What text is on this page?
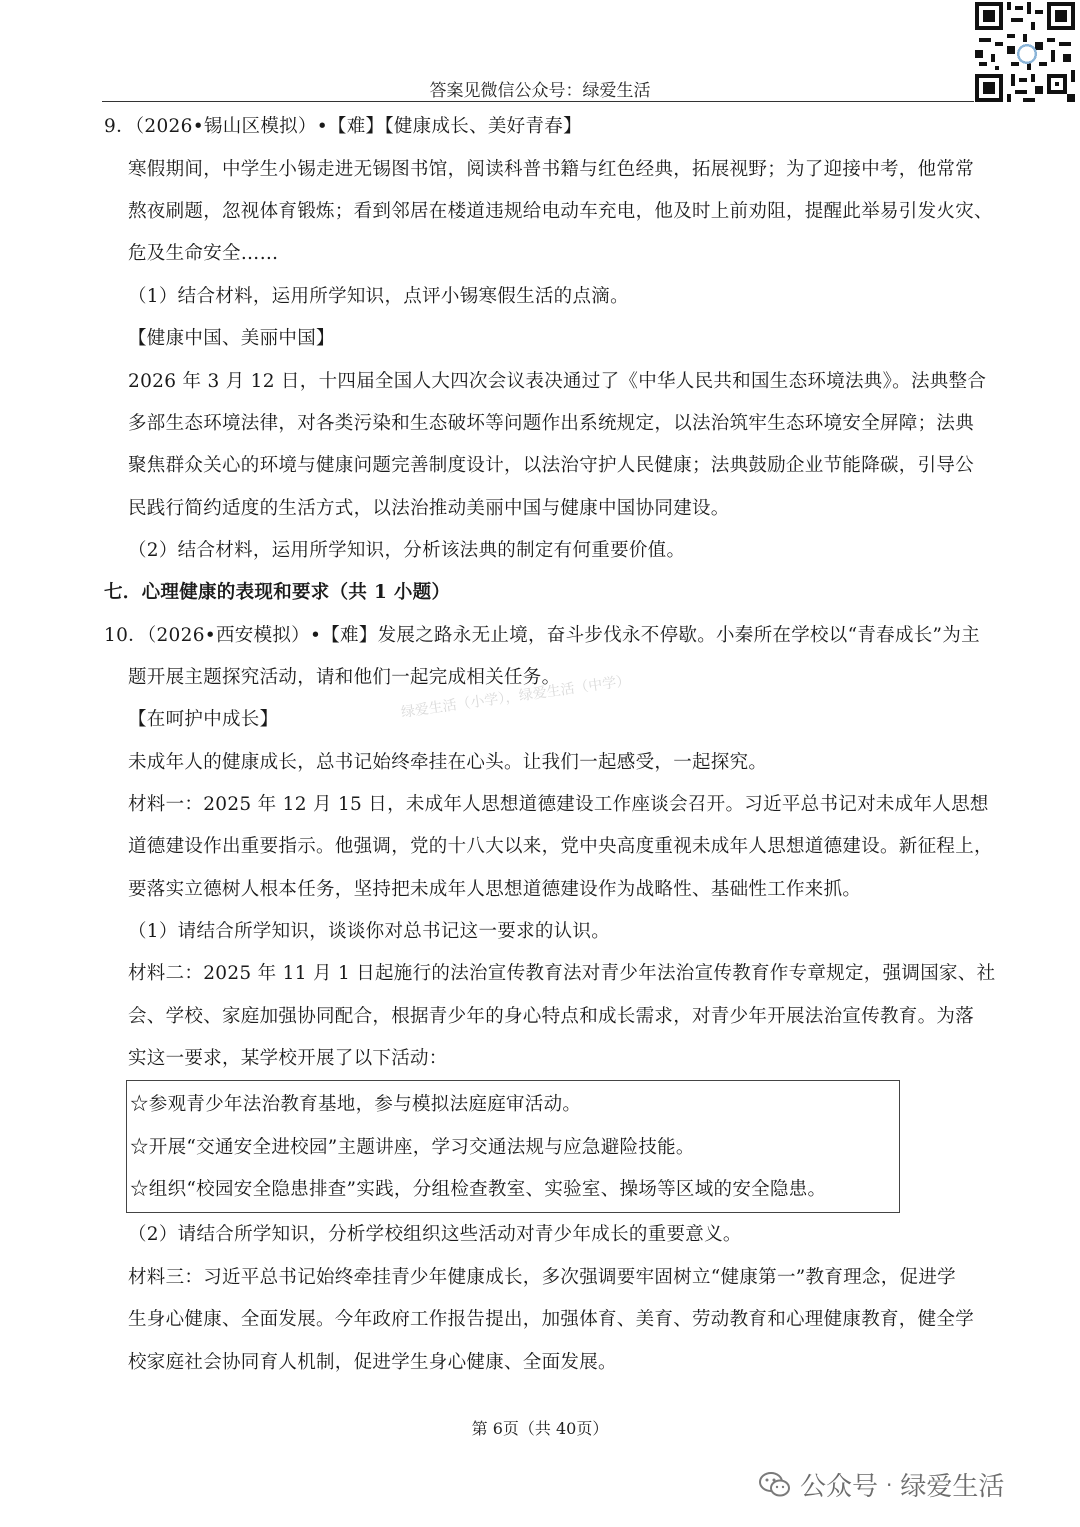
答案见微信公众号：绿爱生活
9．（2026•锡山区模拟）•【难】【健康成长、美好青春】
寒假期间，中学生小锡走进无锡图书馆，阅读科普书籍与红色经典，拓展视野；为了迎接中考，他常常
熬夜刷题，忽视体育锻炼；看到邻居在楼道违规给电动车充电，他及时上前劝阻，提醒此举易引发火灾、
危及生命安全……
（1）结合材料，运用所学知识，点评小锡寒假生活的点滴。
【健康中国、美丽中国】
2026 年 3 月 12 日，十四届全国人大四次会议表决通过了《中华人民共和国生态环境法典》。法典整合
多部生态环境法律，对各类污染和生态破坏等问题作出系统规定，以法治筑牢生态环境安全屏障；法典
聚焦群众关心的环境与健康问题完善制度设计，以法治守护人民健康；法典鼓励企业节能降碳，引导公
民践行简约适度的生活方式，以法治推动美丽中国与健康中国协同建设。
（2）结合材料，运用所学知识，分析该法典的制定有何重要价值。
七．心理健康的表现和要求（共 1 小题）
10．（2026•西安模拟）•【难】发展之路永无止境，奋斗步伐永不停歇。小秦所在学校以“青春成长”为主
题开展主题探究活动，请和他们一起完成相关任务。
绿爱生活（小学），绿爱生活（中学）
【在呵护中成长】
未成年人的健康成长，总书记始终牵挂在心头。让我们一起感受，一起探究。
材料一：2025 年 12 月 15 日，未成年人思想道德建设工作座谈会召开。习近平总书记对未成年人思想
道德建设作出重要指示。他强调，党的十八大以来，党中央高度重视未成年人思想道德建设。新征程上，
要落实立德树人根本任务，坚持把未成年人思想道德建设作为战略性、基础性工作来抓。
（1）请结合所学知识，谈谈你对总书记这一要求的认识。
材料二：2025 年 11 月 1 日起施行的法治宣传教育法对青少年法治宣传教育作专章规定，强调国家、社
会、学校、家庭加强协同配合，根据青少年的身心特点和成长需求，对青少年开展法治宣传教育。为落
实这一要求，某学校开展了以下活动：
☆参观青少年法治教育基地，参与模拟法庭庭审活动。
☆开展“交通安全进校园”主题讲座，学习交通法规与应急避险技能。
☆组织“校园安全隐患排查”实践，分组检查教室、实验室、操场等区域的安全隐患。
（2）请结合所学知识，分析学校组织这些活动对青少年成长的重要意义。
材料三：习近平总书记始终牵挂青少年健康成长，多次强调要牢固树立“健康第一”教育理念，促进学
生身心健康、全面发展。今年政府工作报告提出，加强体育、美育、劳动教育和心理健康教育，健全学
校家庭社会协同育人机制，促进学生身心健康、全面发展。
第 6页（共 40页）
公众号 · 绿爱生活
